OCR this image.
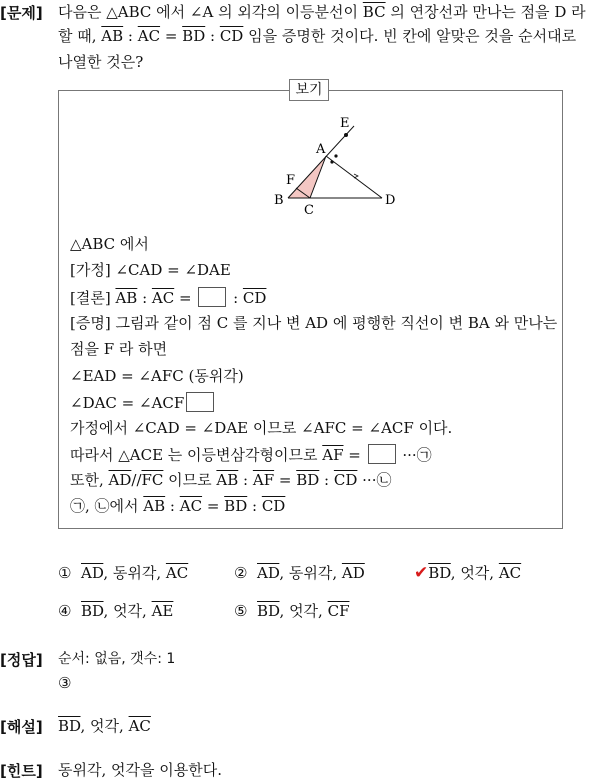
[문제] 다음은 △ABC 에서 ∠A 의 외각의 이등분선이 $\overline{BC}$ 의 연장선과 만나는 점을 D 라
할 때, $\overline{AB}$ : $\overline{AC} = \overline{BD}$ : $\overline{CD}$ 임을 증명한 것이다. 빈 칸에 알맞은 것을 순서대로
나열한 것은?
보기
E
A
F
B
C
D
△ABC 에서
[가정] ∠CAD = ∠DAE
[결론] $\overline{AB}$ : $\overline{AC}$ =  : $\overline{CD}$
[증명] 그림과 같이 점 C 를 지나 변 AD 에 평행한 직선이 변 BA 와 만나는
점을 F 라 하면
∠EAD = ∠AFC (동위각)
∠DAC = ∠ACF
가정에서 ∠CAD = ∠DAE 이므로 ∠AFC = ∠ACF 이다.
따라서 △ACE 는 이등변삼각형이므로 $\overline{AF}$ =  ···㉠
또한, $\overline{AD}//\overline{FC}$ 이므로 $\overline{AB}$ : $\overline{AF} = \overline{BD}$ : $\overline{CD}$ ···㉡
㉠, ㉡에서 $\overline{AB}$ : $\overline{AC} = \overline{BD}$ : $\overline{CD}$
① $\overline{AD}$, 동위각, $\overline{AC}$	② $\overline{AD}$, 동위각, $\overline{AD}$	$✔\overline{BD}$, 엇각, $\overline{AC}$
④ $\overline{BD}$, 엇각, $\overline{AE}$	⑤ $\overline{BD}$, 엇각, $\overline{CF}$
[정답] 순서: 없음, 갯수: 1
③
[해설] $\overline{BD}$, 엇각, $\overline{AC}$
[힌트] 동위각, 엇각을 이용한다.
